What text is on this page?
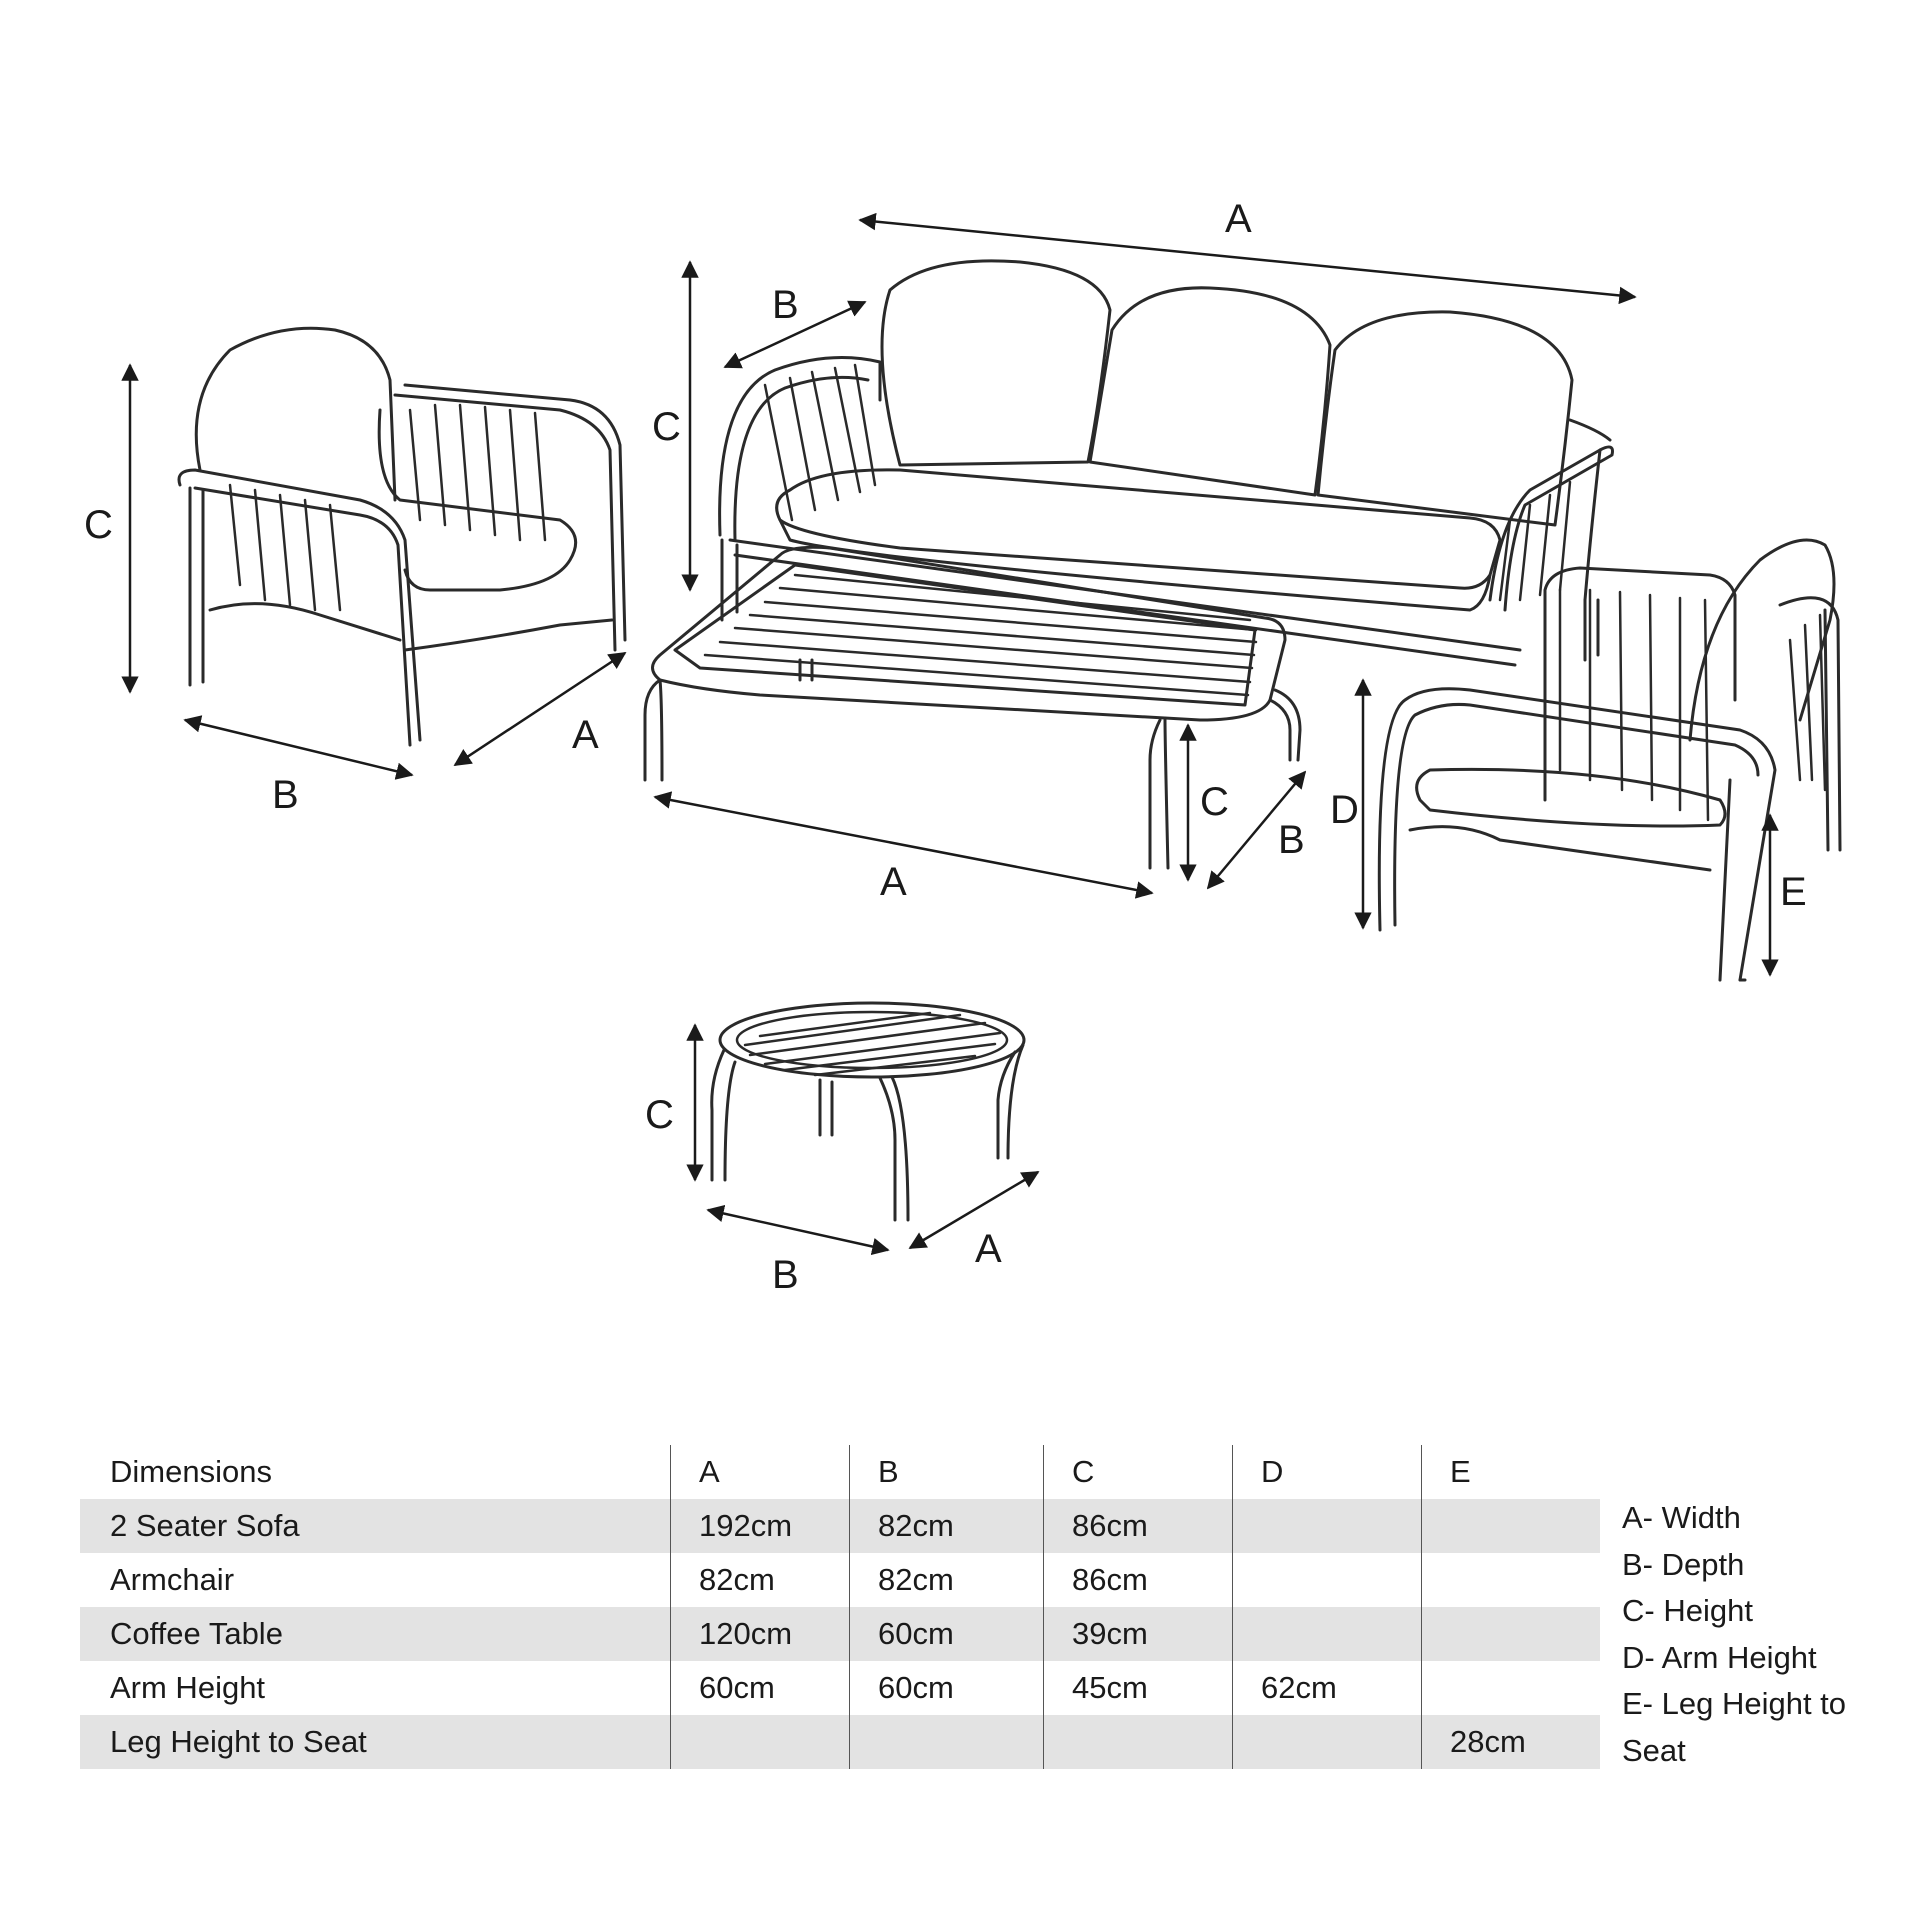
A
B
C
C
B
A
A
B
C	D
E
C
B
A
Dimensions	A	B	C	D	E
2 Seater Sofa	192cm	82cm	86cm		
Armchair	82cm	82cm	86cm		
Coffee Table	120cm	60cm	39cm		
Arm Height	60cm	60cm	45cm	62cm	
Leg Height to Seat					28cm
A- Width
B- Depth
C- Height
D- Arm Height
E- Leg Height to
Seat
